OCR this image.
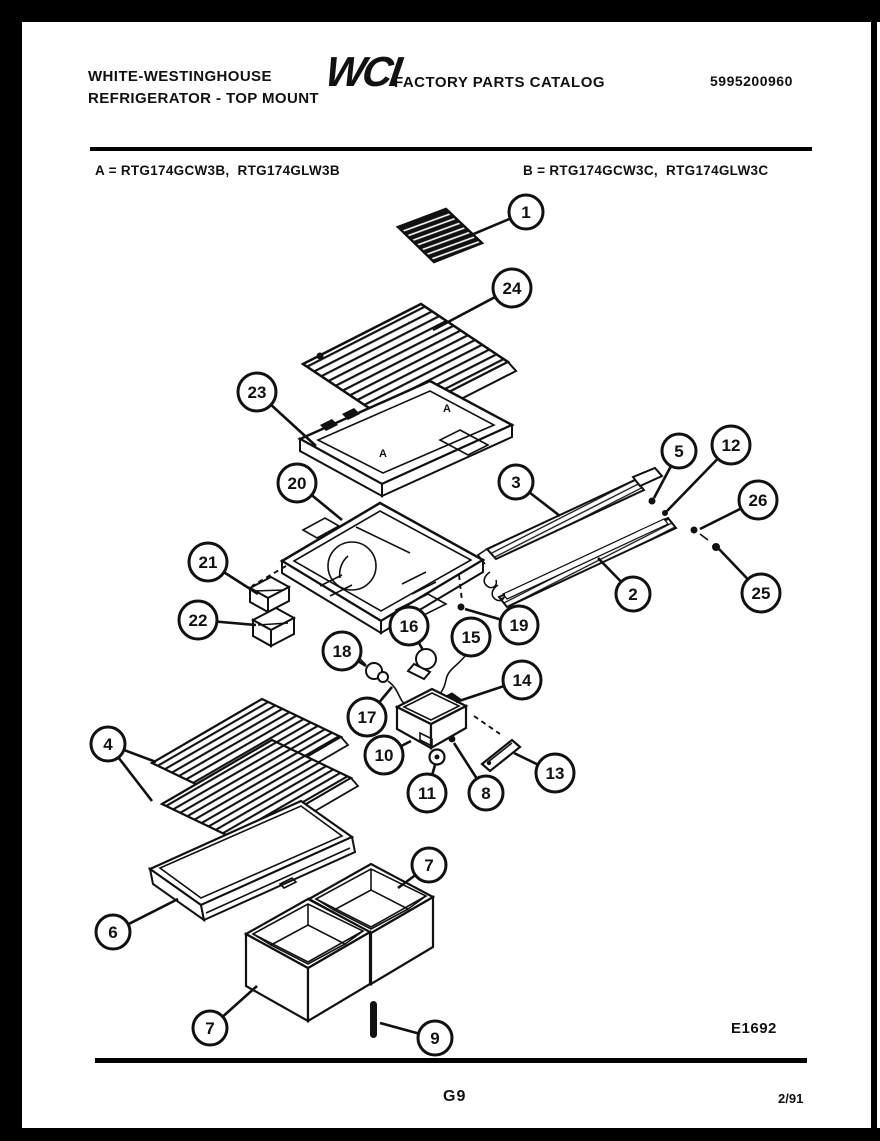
WHITE-WESTINGHOUSE
REFRIGERATOR - TOP MOUNT
WCI
FACTORY PARTS CATALOG	5995200960
A = RTG174GCW3B,  RTG174GLW3B	B = RTG174GCW3C,  RTG174GLW3C
A
A
1
24
23
20	3
5 12
26
2	25
21
22	19
16
15
18
14
17
10
11	8
13
4
6
7
7
9
E1692
G9	2/91
